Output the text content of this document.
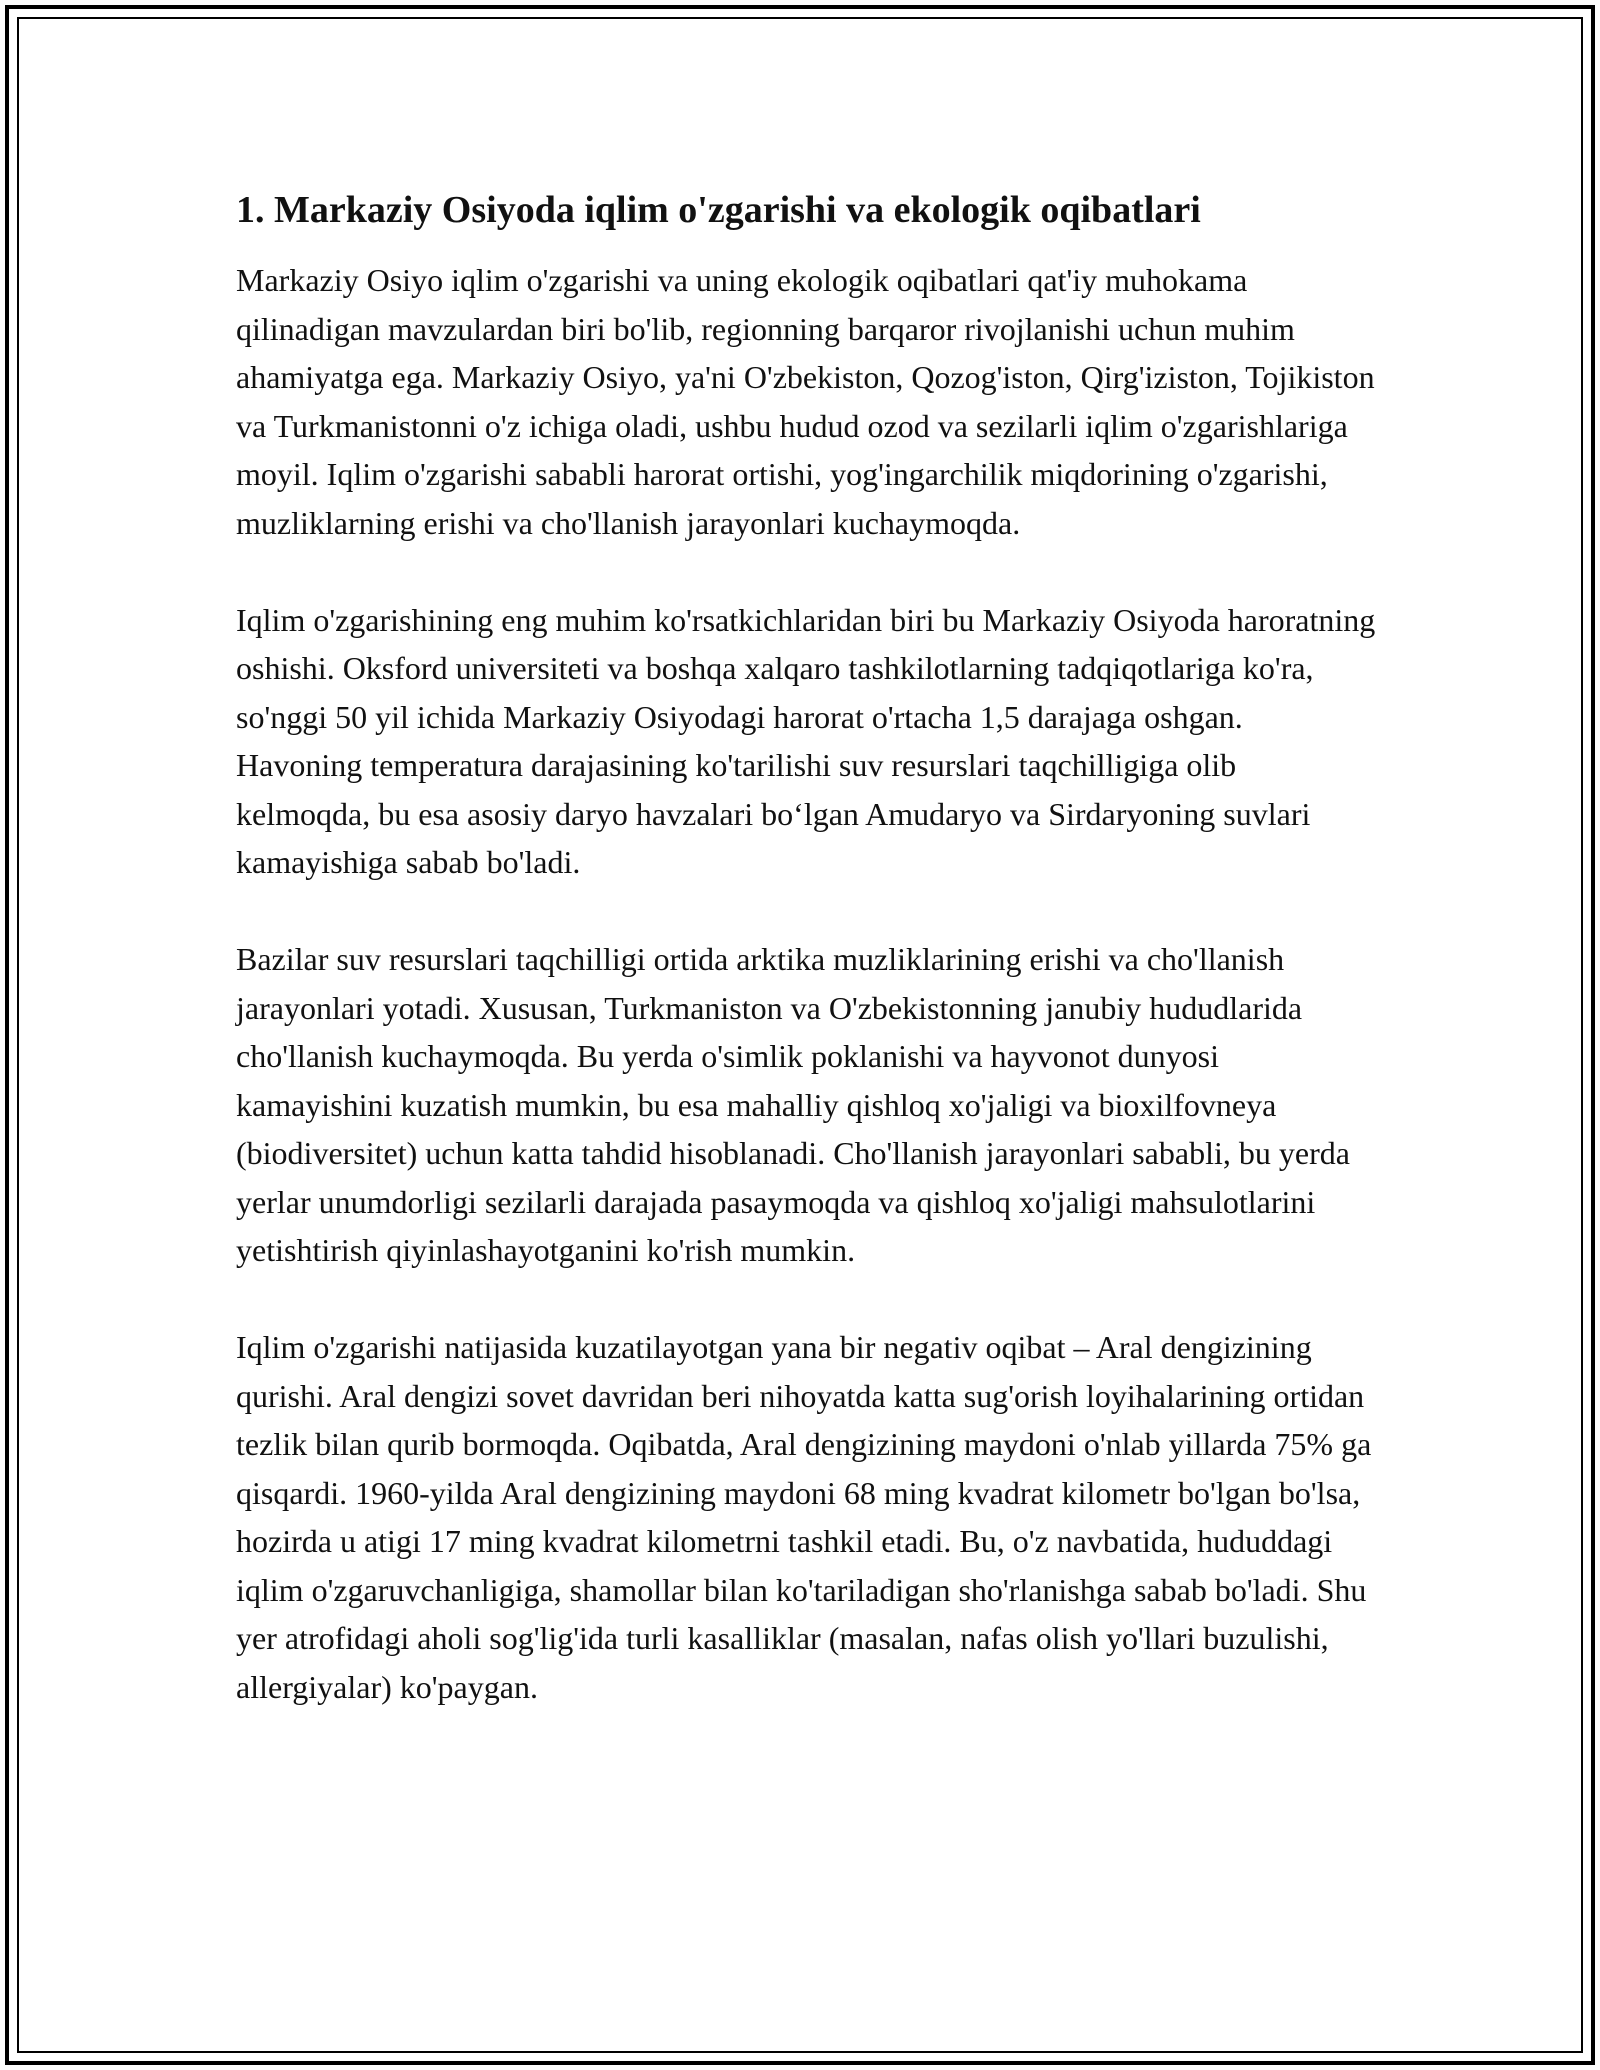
1. Markaziy Osiyoda iqlim o'zgarishi va ekologik oqibatlari

Markaziy Osiyo iqlim o'zgarishi va uning ekologik oqibatlari qat'iy muhokama qilinadigan mavzulardan biri bo'lib, regionning barqaror rivojlanishi uchun muhim ahamiyatga ega. Markaziy Osiyo, ya'ni O'zbekiston, Qozog'iston, Qirg'iziston, Tojikiston va Turkmanistonni o'z ichiga oladi, ushbu hudud ozod va sezilarli iqlim o'zgarishlariga moyil. Iqlim o'zgarishi sababli harorat ortishi, yog'ingarchilik miqdorining o'zgarishi, muzliklarning erishi va cho'llanish jarayonlari kuchaymoqda.

Iqlim o'zgarishining eng muhim ko'rsatkichlaridan biri bu Markaziy Osiyoda haroratning oshishi. Oksford universiteti va boshqa xalqaro tashkilotlarning tadqiqotlariga ko'ra, so'nggi 50 yil ichida Markaziy Osiyodagi harorat o'rtacha 1,5 darajaga oshgan. Havoning temperatura darajasining ko'tarilishi suv resurslari taqchilligiga olib kelmoqda, bu esa asosiy daryo havzalari bo‘lgan Amudaryo va Sirdaryoning suvlari kamayishiga sabab bo'ladi.

Bazilar suv resurslari taqchilligi ortida arktika muzliklarining erishi va cho'llanish jarayonlari yotadi. Xususan, Turkmaniston va O'zbekistonning janubiy hududlarida cho'llanish kuchaymoqda. Bu yerda o'simlik poklanishi va hayvonot dunyosi kamayishini kuzatish mumkin, bu esa mahalliy qishloq xo'jaligi va bioxilfovneya (biodiversitet) uchun katta tahdid hisoblanadi. Cho'llanish jarayonlari sababli, bu yerda yerlar unumdorligi sezilarli darajada pasaymoqda va qishloq xo'jaligi mahsulotlarini yetishtirish qiyinlashayotganini ko'rish mumkin.

Iqlim o'zgarishi natijasida kuzatilayotgan yana bir negativ oqibat – Aral dengizining qurishi. Aral dengizi sovet davridan beri nihoyatda katta sug'orish loyihalarining ortidan tezlik bilan qurib bormoqda. Oqibatda, Aral dengizining maydoni o'nlab yillarda 75% ga qisqardi. 1960-yilda Aral dengizining maydoni 68 ming kvadrat kilometr bo'lgan bo'lsa, hozirda u atigi 17 ming kvadrat kilometrni tashkil etadi. Bu, o'z navbatida, hududdagi iqlim o'zgaruvchanligiga, shamollar bilan ko'tariladigan sho'rlanishga sabab bo'ladi. Shu yer atrofidagi aholi sog'lig'ida turli kasalliklar (masalan, nafas olish yo'llari buzulishi, allergiyalar) ko'paygan.
